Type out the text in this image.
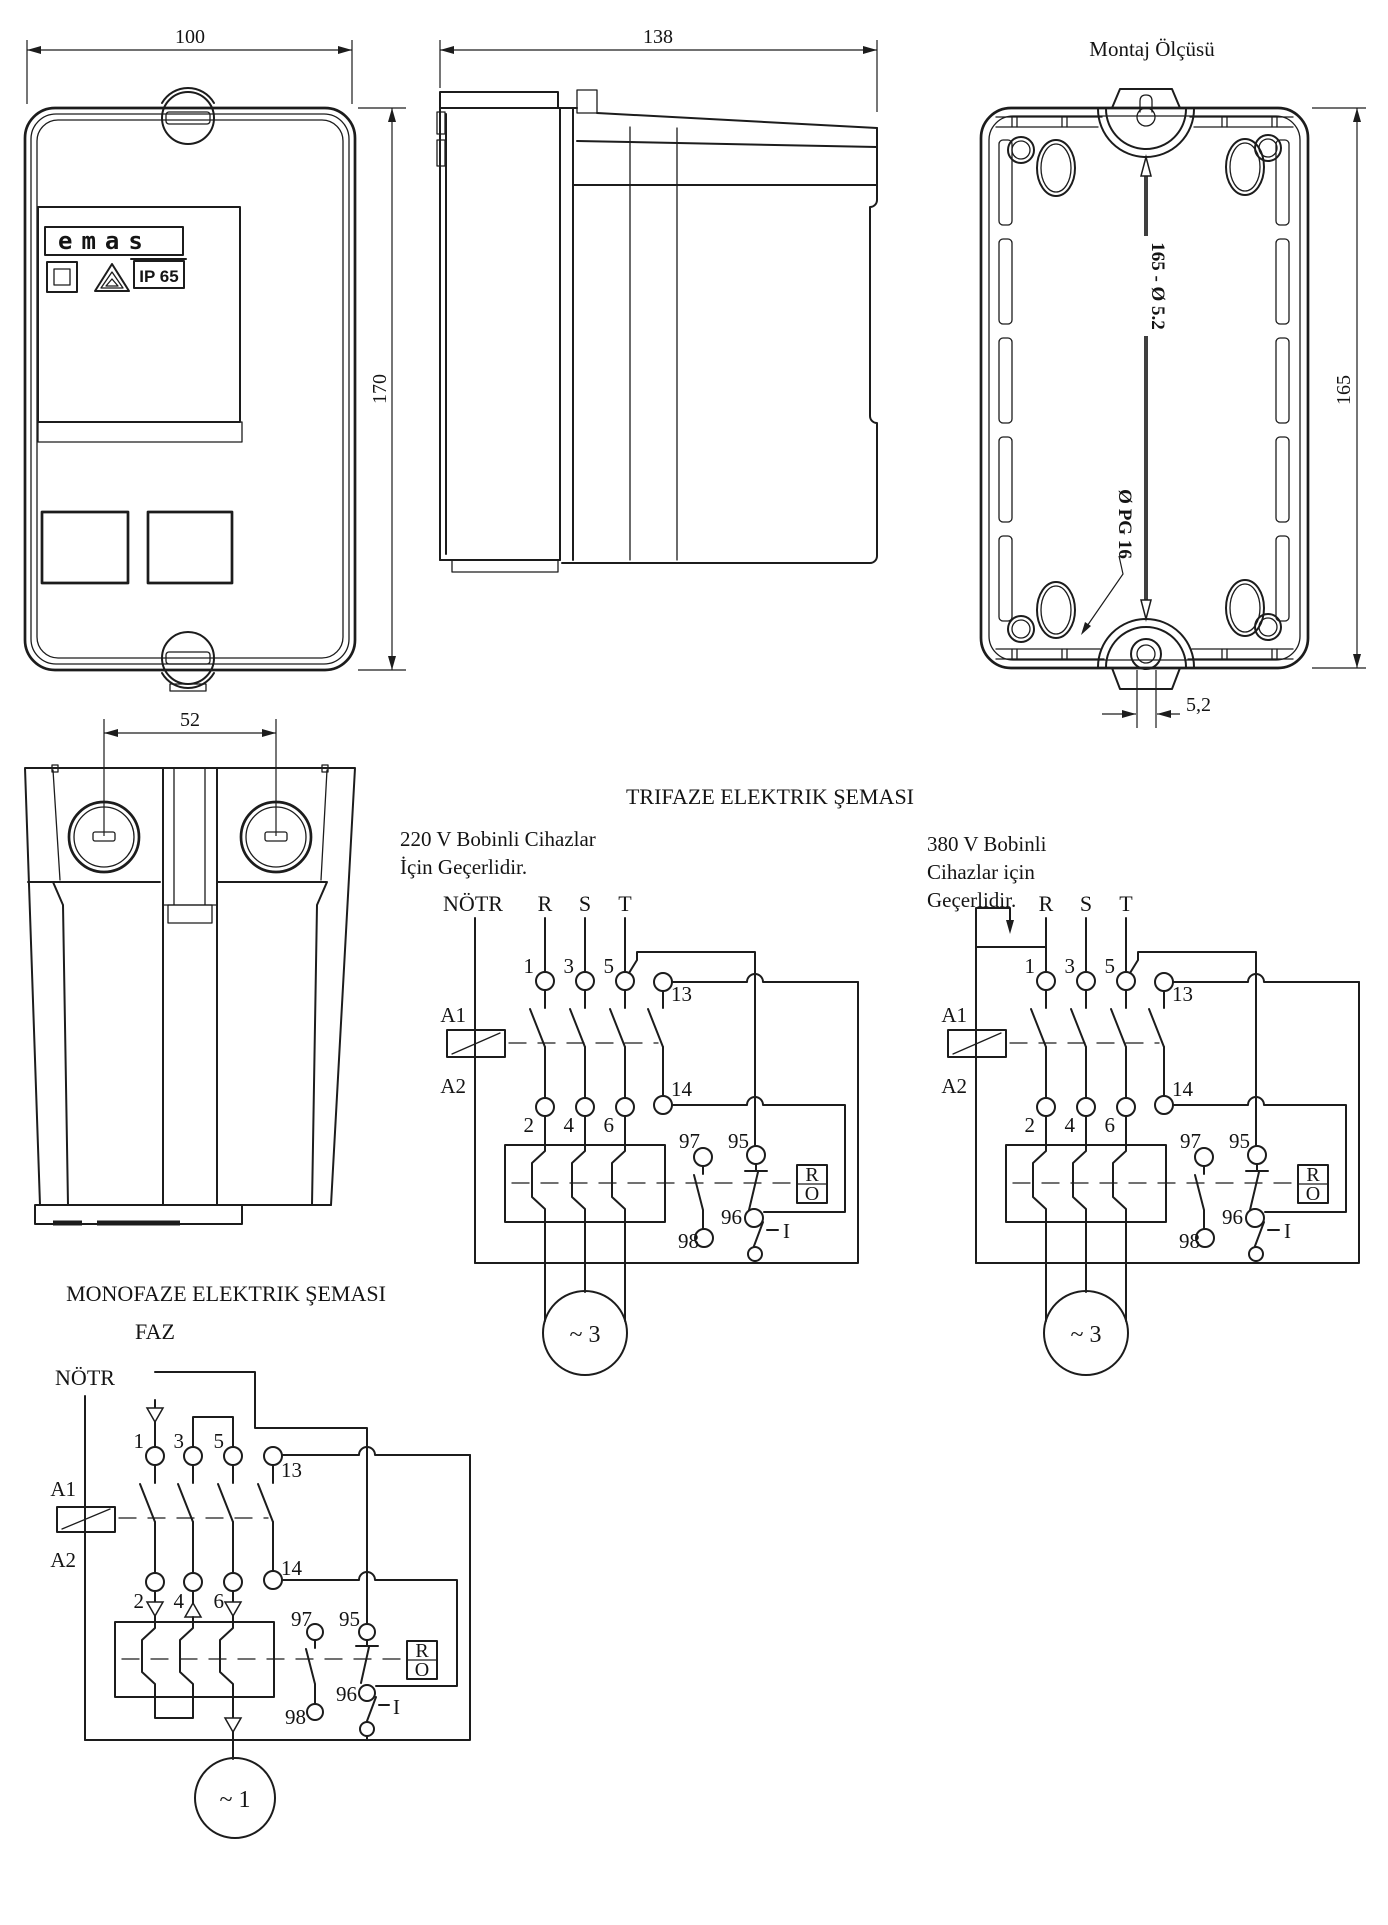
100
170
emas
IP 65
138	Montaj Ölçüsü
165 - Ø 5.2
Ø PG 16
165
5,2
52
TRIFAZE ELEKTRIK ŞEMASI
220 V Bobinli Cihazlar
İçin Geçerlidir.
380 V Bobinli
Cihazlar için
Geçerlidir.
NÖTR R S T
1 3 5
13
14
A1
A2
2 4 6
97 95
98
96
I
R
O
~ 3
R S T
1 3 5
13
14
A1
A2
2 4 6
97 95
98
96
I
R
O
~ 3
MONOFAZE ELEKTRIK ŞEMASI
FAZ
NÖTR
1 3 5
13
14
A1
A2
2 4 6
97 95
98
96
I
R
O
~ 1
